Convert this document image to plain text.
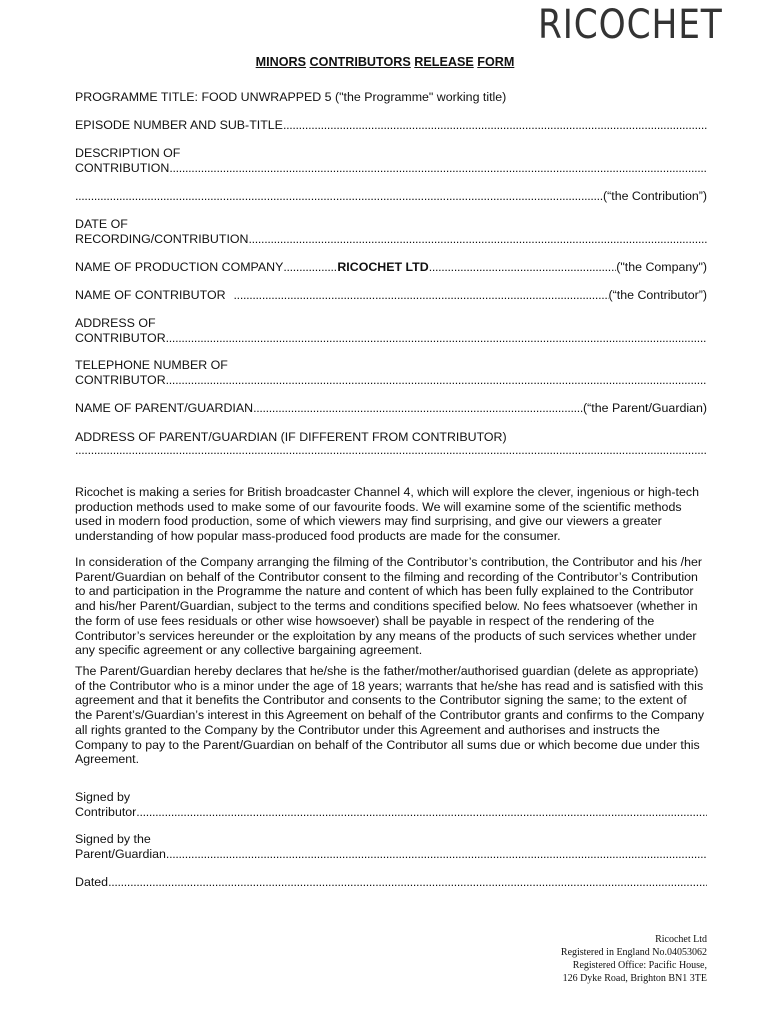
RICOCHET
MINORS CONTRIBUTORS RELEASE FORM
PROGRAMME TITLE: FOOD UNWRAPPED 5 ("the Programme" working title)
EPISODE NUMBER AND SUB-TITLE
.....
DESCRIPTION OF
CONTRIBUTION
.....
.....
(“the Contribution”)
DATE OF
RECORDING/CONTRIBUTION
.....
NAME OF PRODUCTION COMPANY .....	RICOCHET LTD .....	("the Company")
NAME OF CONTRIBUTOR .....	(“the Contributor”)
ADDRESS OF
CONTRIBUTOR
.....
TELEPHONE NUMBER OF
CONTRIBUTOR
.....
NAME OF PARENT/GUARDIAN .....	(“the Parent/Guardian)
ADDRESS OF PARENT/GUARDIAN (IF DIFFERENT FROM CONTRIBUTOR)
.....
Ricochet is making a series for British broadcaster Channel 4, which will explore the clever, ingenious or high-tech production methods used to make some of our favourite foods. We will examine some of the scientific methods used in modern food production, some of which viewers may find surprising, and give our viewers a greater understanding of how popular mass-produced food products are made for the consumer.
In consideration of the Company arranging the filming of the Contributor’s contribution, the Contributor and his /her Parent/Guardian on behalf of the Contributor consent to the filming and recording of the Contributor’s Contribution to and participation in the Programme the nature and content of which has been fully explained to the Contributor and his/her Parent/Guardian, subject to the terms and conditions specified below. No fees whatsoever (whether in the form of use fees residuals or other wise howsoever) shall be payable in respect of the rendering of the Contributor’s services hereunder or the exploitation by any means of the products of such services whether under any specific agreement or any collective bargaining agreement.
The Parent/Guardian hereby declares that he/she is the father/mother/authorised guardian (delete as appropriate) of the Contributor who is a minor under the age of 18 years; warrants that he/she has read and is satisfied with this agreement and that it benefits the Contributor and consents to the Contributor signing the same; to the extent of the Parent’s/Guardian’s interest in this Agreement on behalf of the Contributor grants and confirms to the Company all rights granted to the Company by the Contributor under this Agreement and authorises and instructs the Company to pay to the Parent/Guardian on behalf of the Contributor all sums due or which become due under this Agreement.
Signed by
Contributor
.....
Signed by the
Parent/Guardian
.....
Dated
.....
Ricochet Ltd
Registered in England No.04053062
Registered Office: Pacific House,
126 Dyke Road, Brighton BN1 3TE
